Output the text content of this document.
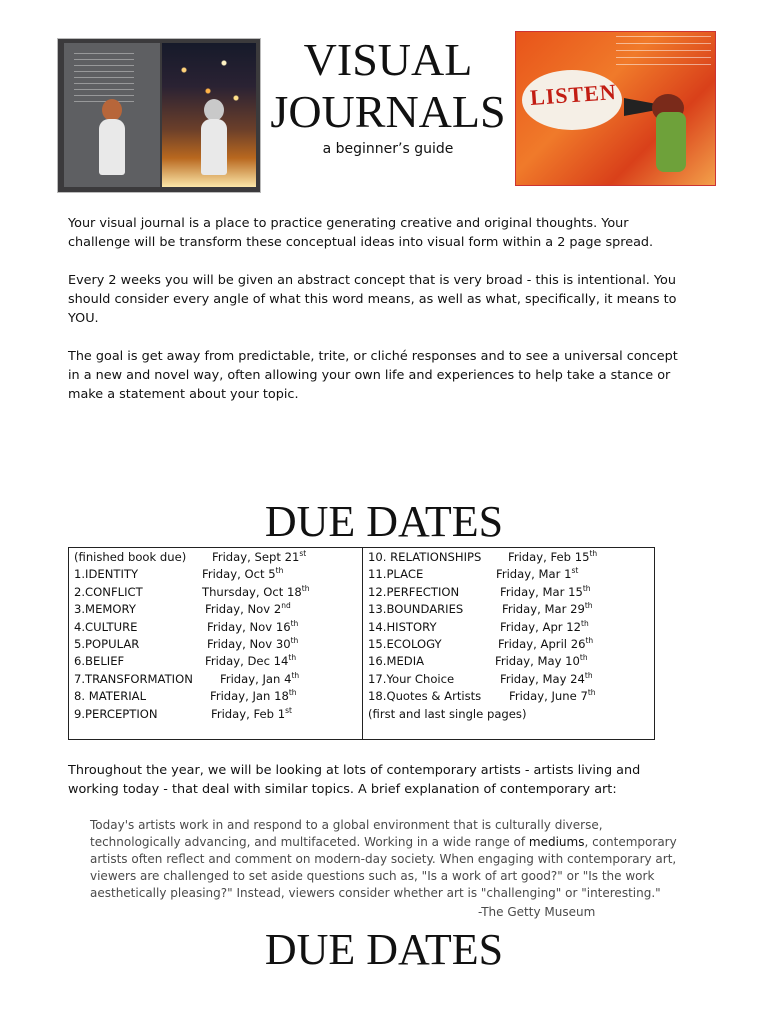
VISUAL
JOURNALS
a beginner’s guide
LISTEN
Your visual journal is a place to practice generating creative and original thoughts. Your challenge will be transform these conceptual ideas into visual form within a 2 page spread.
Every 2 weeks you will be given an abstract concept that is very broad - this is intentional. You should consider every angle of what this word means, as well as what, specifically, it means to YOU.
The goal is get away from predictable, trite, or cliché responses and to see a universal concept in a new and novel way, often allowing your own life and experiences to help take a stance or make a statement about your topic.
DUE DATES
(finished book due) Friday, Sept 21st
1.IDENTITY	Friday, Oct 5th
2.CONFLICT	Thursday, Oct 18th
3.MEMORY	Friday, Nov 2nd
4.CULTURE	Friday, Nov 16th
5.POPULAR	Friday, Nov 30th
6.BELIEF	Friday, Dec 14th
7.TRANSFORMATION Friday, Jan 4th
8. MATERIAL	Friday, Jan 18th
9.PERCEPTION	Friday, Feb 1st
10. RELATIONSHIPS Friday, Feb 15th
11.PLACE	Friday, Mar 1st
12.PERFECTION	Friday, Mar 15th
13.BOUNDARIES	Friday, Mar 29th
14.HISTORY	Friday, Apr 12th
15.ECOLOGY	Friday, April 26th
16.MEDIA	Friday, May 10th
17.Your Choice	Friday, May 24th
18.Quotes & Artists Friday, June 7th
(first and last single pages)
Throughout the year, we will be looking at lots of contemporary artists - artists living and working today - that deal with similar topics. A brief explanation of contemporary art:
Today's artists work in and respond to a global environment that is culturally diverse, technologically advancing, and multifaceted. Working in a wide range of mediums, contemporary artists often reflect and comment on modern-day society. When engaging with contemporary art, viewers are challenged to set aside questions such as, "Is a work of art good?" or "Is the work aesthetically pleasing?" Instead, viewers consider whether art is "challenging" or "interesting."
-The Getty Museum
DUE DATES
